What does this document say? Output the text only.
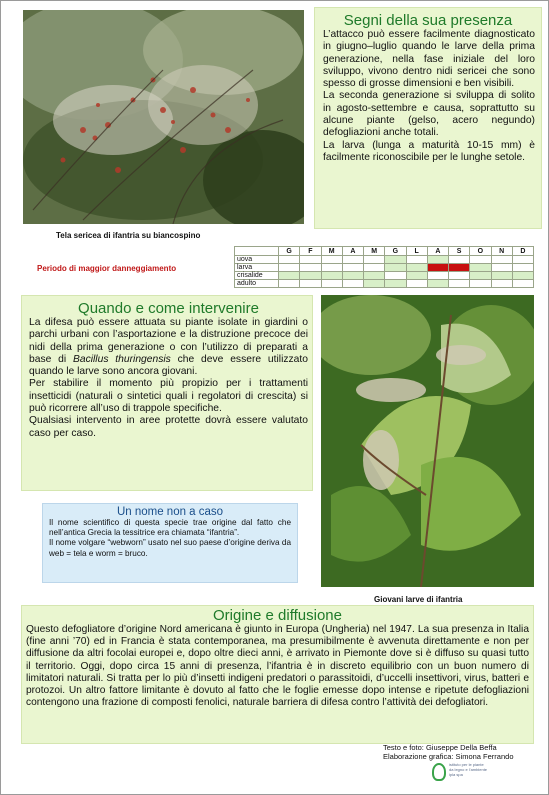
Tela sericea di ifantria su biancospino
Segni della sua presenza

L’attacco può essere facilmente diagnosticato in giugno–luglio quando le larve della prima generazione, nella fase iniziale del loro sviluppo, vivono dentro nidi sericei che sono spesso di grosse dimensioni e ben visibili.

La seconda generazione si sviluppa di solito in agosto-settembre e causa, soprattutto su alcune piante (gelso, acero negundo) defogliazioni anche totali.

La larva (lunga a maturità 10-15 mm) è facilmente riconoscibile per le lunghe setole.

Periodo di maggior danneggiamento
	G	F	M	A	M	G	L	A	S	O	N	D
uova												
larva												
crisalide												
adulto												
Quando e come intervenire

La difesa può essere attuata su piante isolate in giardini o parchi urbani con l’asportazione e la distruzione precoce dei nidi della prima generazione o con l’utilizzo di preparati a base di Bacillus thuringensis che deve essere utilizzato quando le larve sono ancora giovani.

Per stabilire il momento più propizio per i trattamenti insetticidi (naturali o sintetici quali i regolatori di crescita) si può ricorrere all’uso di trappole specifiche.

Qualsiasi intervento in aree protette dovrà essere valutato caso per caso.

Un nome non a caso

Il nome scientifico di questa specie trae origine dal fatto che nell’antica Grecia la tessitrice era chiamata “ifantria”.

Il nome volgare “webworn” usato nel suo paese d’origine deriva da web = tela e worm = bruco.

Giovani larve di ifantria
Origine e diffusione
Questo defogliatore d’origine Nord americana è giunto in Europa (Ungheria) nel 1947. La sua presenza in Italia (fine anni ’70) ed in Francia è stata contemporanea, ma presumibilmente è avvenuta direttamente e non per diffusione da altri focolai europei e, dopo oltre dieci anni, è arrivato in Piemonte dove si è diffuso su quasi tutto il territorio. Oggi, dopo circa 15 anni di presenza, l’ifantria è in discreto equilibrio con un buon numero di limitatori naturali. Si tratta per lo più d’insetti indigeni predatori o parassitoidi, d’uccelli insettivori, virus, batteri e protozoi. Un altro fattore limitante è dovuto al fatto che le foglie emesse dopo intense e ripetute defogliazioni contengono una frazione di composti fenolici, naturale barriera di difesa contro l’attività dei defogliatori.
Testo e foto: Giuseppe Della Beffa
Elaborazione grafica: Simona Ferrando
istituto per le piante da legno e l’ambiente ipla spa
